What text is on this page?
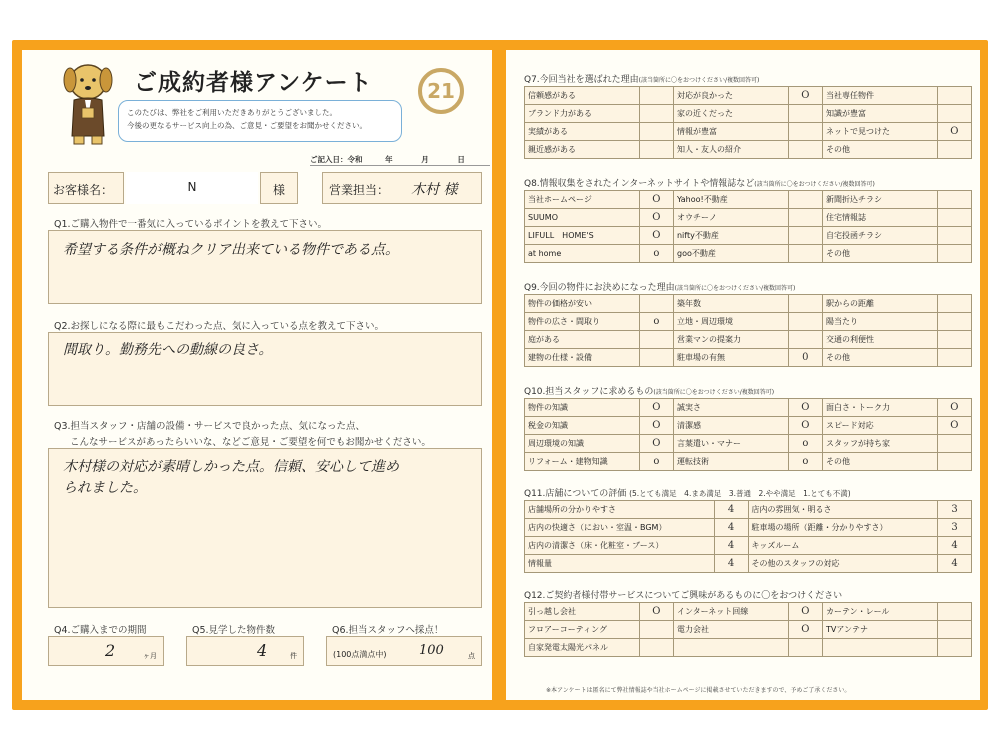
ご成約者様アンケート	21
このたびは、弊社をご利用いただきありがとうございました。
今後の更なるサービス向上の為、ご意見・ご要望をお聞かせください。
ご記入日：令和	年	月	日
お客様名：	N	様	営業担当： 木村 様
Q1.ご購入物件で一番気に入っているポイントを教えて下さい。
希望する条件が概ねクリア出来ている物件である点。
Q2.お探しになる際に最もこだわった点、気に入っている点を教えて下さい。
間取り。勤務先への動線の良さ。
Q3.担当スタッフ・店舗の設備・サービスで良かった点、気になった点、
こんなサービスがあったらいいな、などご意見・ご要望を何でもお聞かせください。
木村様の対応が素晴しかった点。信頼、安心して進め
られました。
Q4.ご購入までの期間
2	ヶ月
Q5.見学した物件数
4	件
Q6.担当スタッフへ採点！
(100点満点中) 100	点
Q7.今回当社を選ばれた理由(該当箇所に〇をおつけください/複数回答可)
信頼感がある		対応が良かった	O	当社専任物件	
ブランド力がある		家の近くだった		知識が豊富	
実績がある		情報が豊富		ネットで見つけた	O
親近感がある		知人・友人の紹介		その他	
Q8.情報収集をされたインターネットサイトや情報誌など(該当箇所に〇をおつけください/複数回答可)
当社ホームページ	O	Yahoo!不動産		新聞折込チラシ	
SUUMO	O	オウチーノ		住宅情報誌	
LIFULL　HOME'S	O	nifty不動産		自宅投函チラシ	
at home	o	goo不動産		その他	
Q9.今回の物件にお決めになった理由(該当箇所に〇をおつけください/複数回答可)
物件の価格が安い		築年数		駅からの距離	
物件の広さ・間取り	o	立地・周辺環境		陽当たり	
庭がある		営業マンの提案力		交通の利便性	
建物の仕様・設備		駐車場の有無	0	その他	
Q10.担当スタッフに求めるもの(該当箇所に〇をおつけください/複数回答可)
物件の知識	O	誠実さ	O	面白さ・トーク力	O
税金の知識	O	清潔感	O	スピード対応	O
周辺環境の知識	O	言葉遣い・マナー	o	スタッフが持ち家	
リフォーム・建物知識	o	運転技術	o	その他	
Q11.店舗についての評価 (5.とても満足　4.まあ満足　3.普通　2.やや満足　1.とても不満)
店舗場所の分かりやすさ	4	店内の雰囲気・明るさ	3
店内の快適さ（におい・室温・BGM）	4	駐車場の場所（距離・分かりやすさ）	3
店内の清潔さ（床・化粧室・ブース）	4	キッズルーム	4
情報量	4	その他のスタッフの対応	4
Q12.ご契約者様付帯サービスについてご興味があるものに〇をおつけください
引っ越し会社	O	インターネット回線	O	カーテン・レール	
フロアーコーティング		電力会社	O	TVアンテナ	
自家発電太陽光パネル					
※本アンケートは匿名にて弊社情報誌や当社ホームページに掲載させていただきますので、予めご了承ください。
